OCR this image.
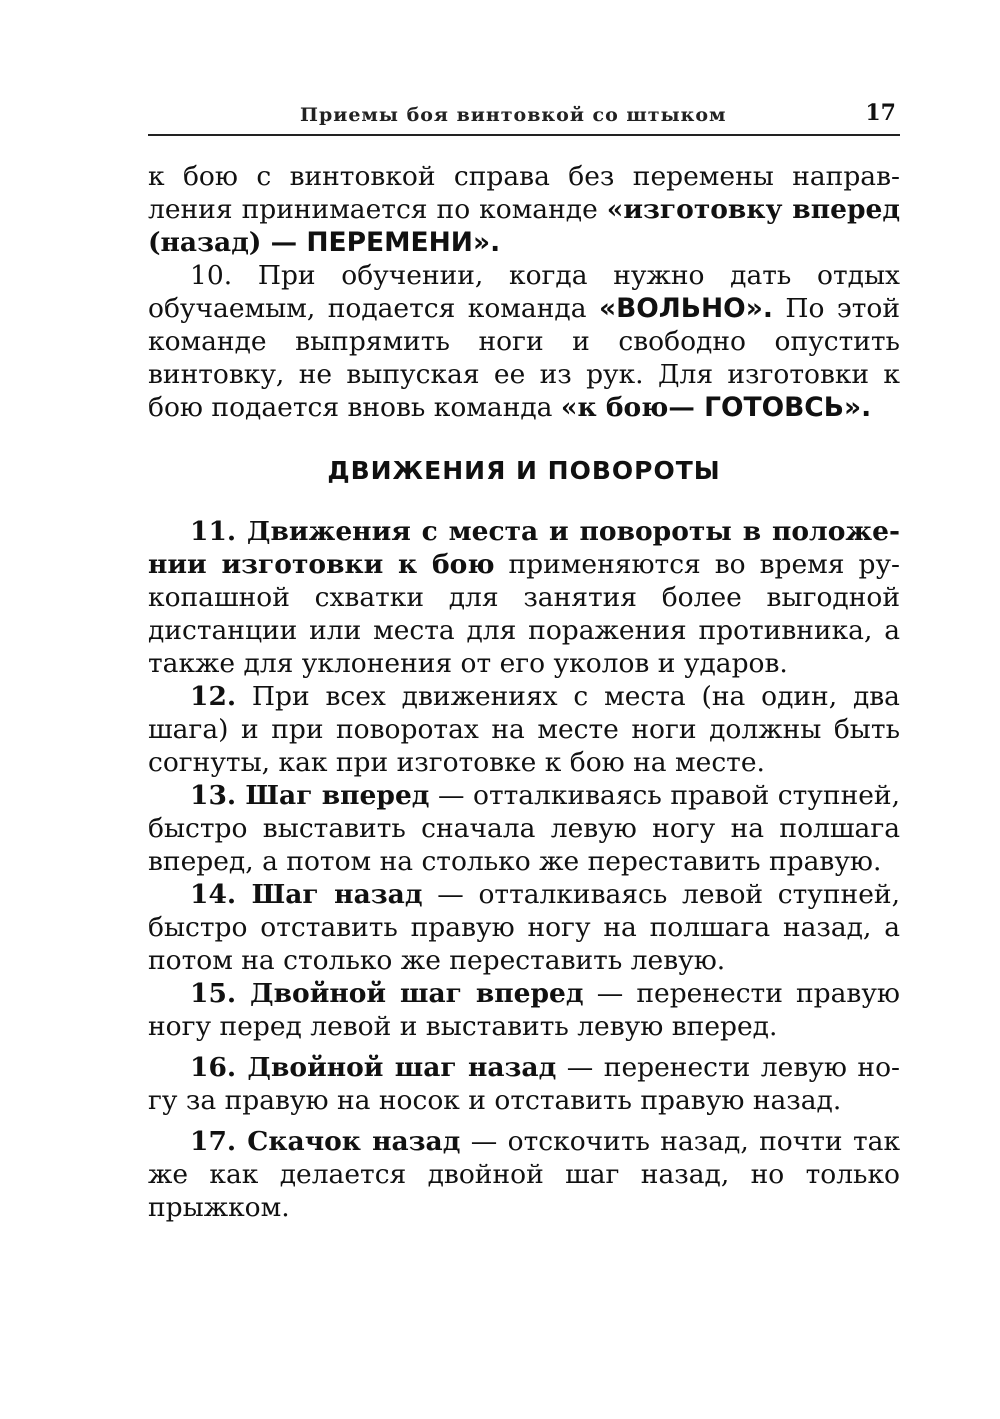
Приемы боя винтовкой со штыком	17

к бою с винтовкой справа без перемены направления принимается по команде «изготовку вперед (назад) — ПЕРЕМЕНИ».

10. При обучении, когда нужно дать отдых обучаемым, подается команда «ВОЛЬНО». По этой команде выпрямить ноги и свободно опустить винтовку, не выпуская ее из рук. Для изготовки к бою подается вновь команда «к бою— ГОТОВСЬ».

ДВИЖЕНИЯ И ПОВОРОТЫ

11. Движения с места и повороты в положении изготовки к бою применяются во время рукопашной схватки для занятия более выгодной дистанции или места для поражения противника, а также для уклонения от его уколов и ударов.

12. При всех движениях с места (на один, два шага) и при поворотах на месте ноги должны быть согнуты, как при изготовке к бою на месте.

13. Шаг вперед — отталкиваясь правой ступней, быстро выставить сначала левую ногу на полшага вперед, а потом на столько же переставить правую.

14. Шаг назад — отталкиваясь левой ступней, быстро отставить правую ногу на полшага назад, а потом на столько же переставить левую.

15. Двойной шаг вперед — перенести правую ногу перед левой и выставить левую вперед.

16. Двойной шаг назад — перенести левую ногу за правую на носок и отставить правую назад.

17. Скачок назад — отскочить назад, почти так же как делается двойной шаг назад, но только прыжком.
